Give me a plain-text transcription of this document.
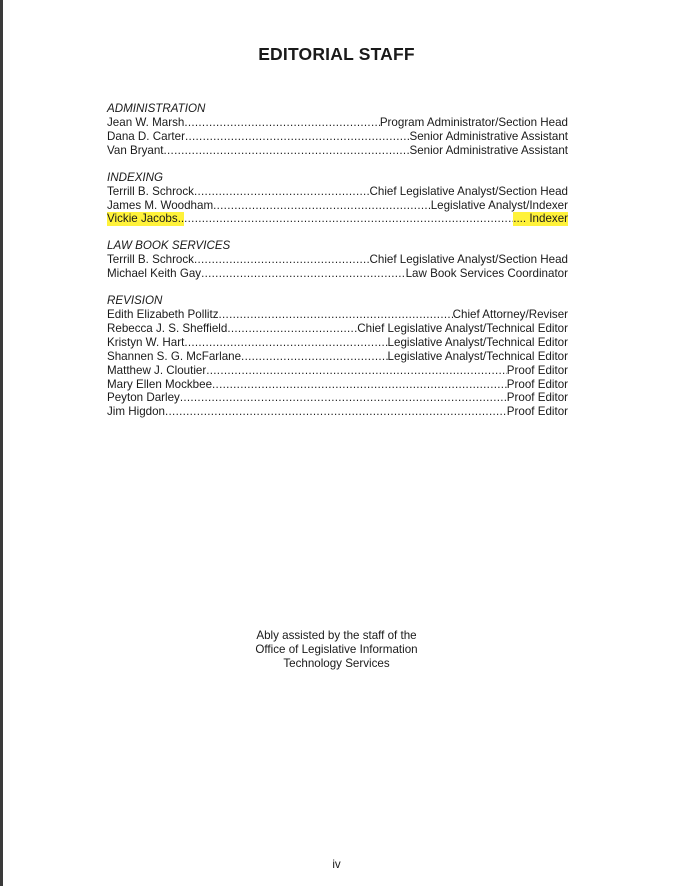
EDITORIAL STAFF
ADMINISTRATION
Jean W. Marsh .....	Program Administrator/Section Head
Dana D. Carter .....	Senior Administrative Assistant
Van Bryant .....	Senior Administrative Assistant
INDEXING
Terrill B. Schrock .....	Chief Legislative Analyst/Section Head
James M. Woodham .....	Legislative Analyst/Indexer
Vickie Jacobs.. .....	.... Indexer
LAW BOOK SERVICES
Terrill B. Schrock .....	Chief Legislative Analyst/Section Head
Michael Keith Gay .....	Law Book Services Coordinator
REVISION
Edith Elizabeth Pollitz .....	Chief Attorney/Reviser
Rebecca J. S. Sheffield .....	Chief Legislative Analyst/Technical Editor
Kristyn W. Hart .....	Legislative Analyst/Technical Editor
Shannen S. G. McFarlane .....	Legislative Analyst/Technical Editor
Matthew J. Cloutier .....	Proof Editor
Mary Ellen Mockbee .....	Proof Editor
Peyton Darley .....	Proof Editor
Jim Higdon .....	Proof Editor
Ably assisted by the staff of the
Office of Legislative Information
Technology Services
iv
